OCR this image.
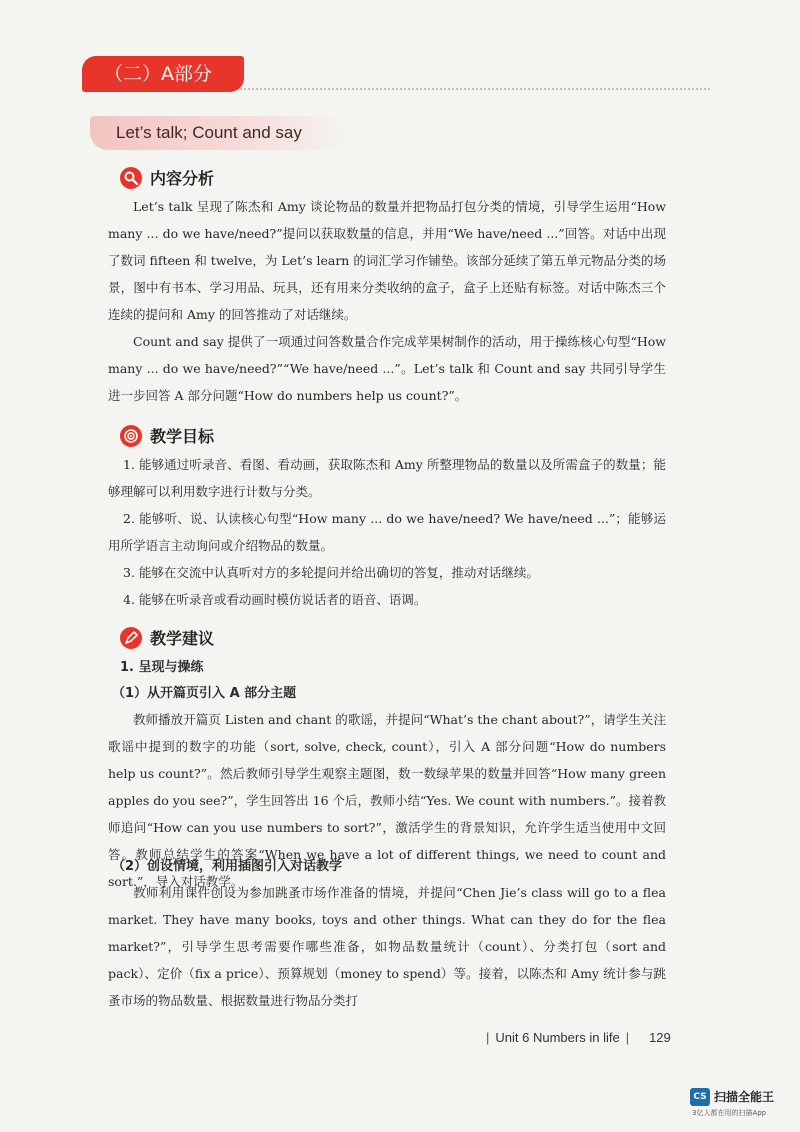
（二）A部分
Let’s talk; Count and say
内容分析

Let’s talk 呈现了陈杰和 Amy 谈论物品的数量并把物品打包分类的情境，引导学生运用“How many ... do we have/need?”提问以获取数量的信息，并用“We have/need ...”回答。对话中出现了数词 fifteen 和 twelve，为 Let’s learn 的词汇学习作铺垫。该部分延续了第五单元物品分类的场景，图中有书本、学习用品、玩具，还有用来分类收纳的盒子，盒子上还贴有标签。对话中陈杰三个连续的提问和 Amy 的回答推动了对话继续。

Count and say 提供了一项通过问答数量合作完成苹果树制作的活动，用于操练核心句型“How many ... do we have/need?”“We have/need ...”。Let’s talk 和 Count and say 共同引导学生进一步回答 A 部分问题“How do numbers help us count?”。

教学目标

1. 能够通过听录音、看图、看动画，获取陈杰和 Amy 所整理物品的数量以及所需盒子的数量；能够理解可以利用数字进行计数与分类。

2. 能够听、说、认读核心句型“How many ... do we have/need? We have/need ...”；能够运用所学语言主动询问或介绍物品的数量。

3. 能够在交流中认真听对方的多轮提问并给出确切的答复，推动对话继续。

4. 能够在听录音或看动画时模仿说话者的语音、语调。

教学建议
1. 呈现与操练
（1）从开篇页引入 A 部分主题

教师播放开篇页 Listen and chant 的歌谣，并提问“What’s the chant about?”，请学生关注歌谣中提到的数字的功能（sort, solve, check, count），引入 A 部分问题“How do numbers help us count?”。然后教师引导学生观察主题图，数一数绿苹果的数量并回答“How many green apples do you see?”，学生回答出 16 个后，教师小结“Yes. We count with numbers.”。接着教师追问“How can you use numbers to sort?”，激活学生的背景知识，允许学生适当使用中文回答。教师总结学生的答案“When we have a lot of different things, we need to count and sort.”，导入对话教学。

（2）创设情境，利用插图引入对话教学

教师利用课件创设为参加跳蚤市场作准备的情境，并提问“Chen Jie’s class will go to a flea market. They have many books, toys and other things. What can they do for the flea market?”，引导学生思考需要作哪些准备，如物品数量统计（count）、分类打包（sort and pack）、定价（fix a price）、预算规划（money to spend）等。接着，以陈杰和 Amy 统计参与跳蚤市场的物品数量、根据数量进行物品分类打

| Unit 6 Numbers in life | 129
CS 扫描全能王
3亿人都在用的扫描App
